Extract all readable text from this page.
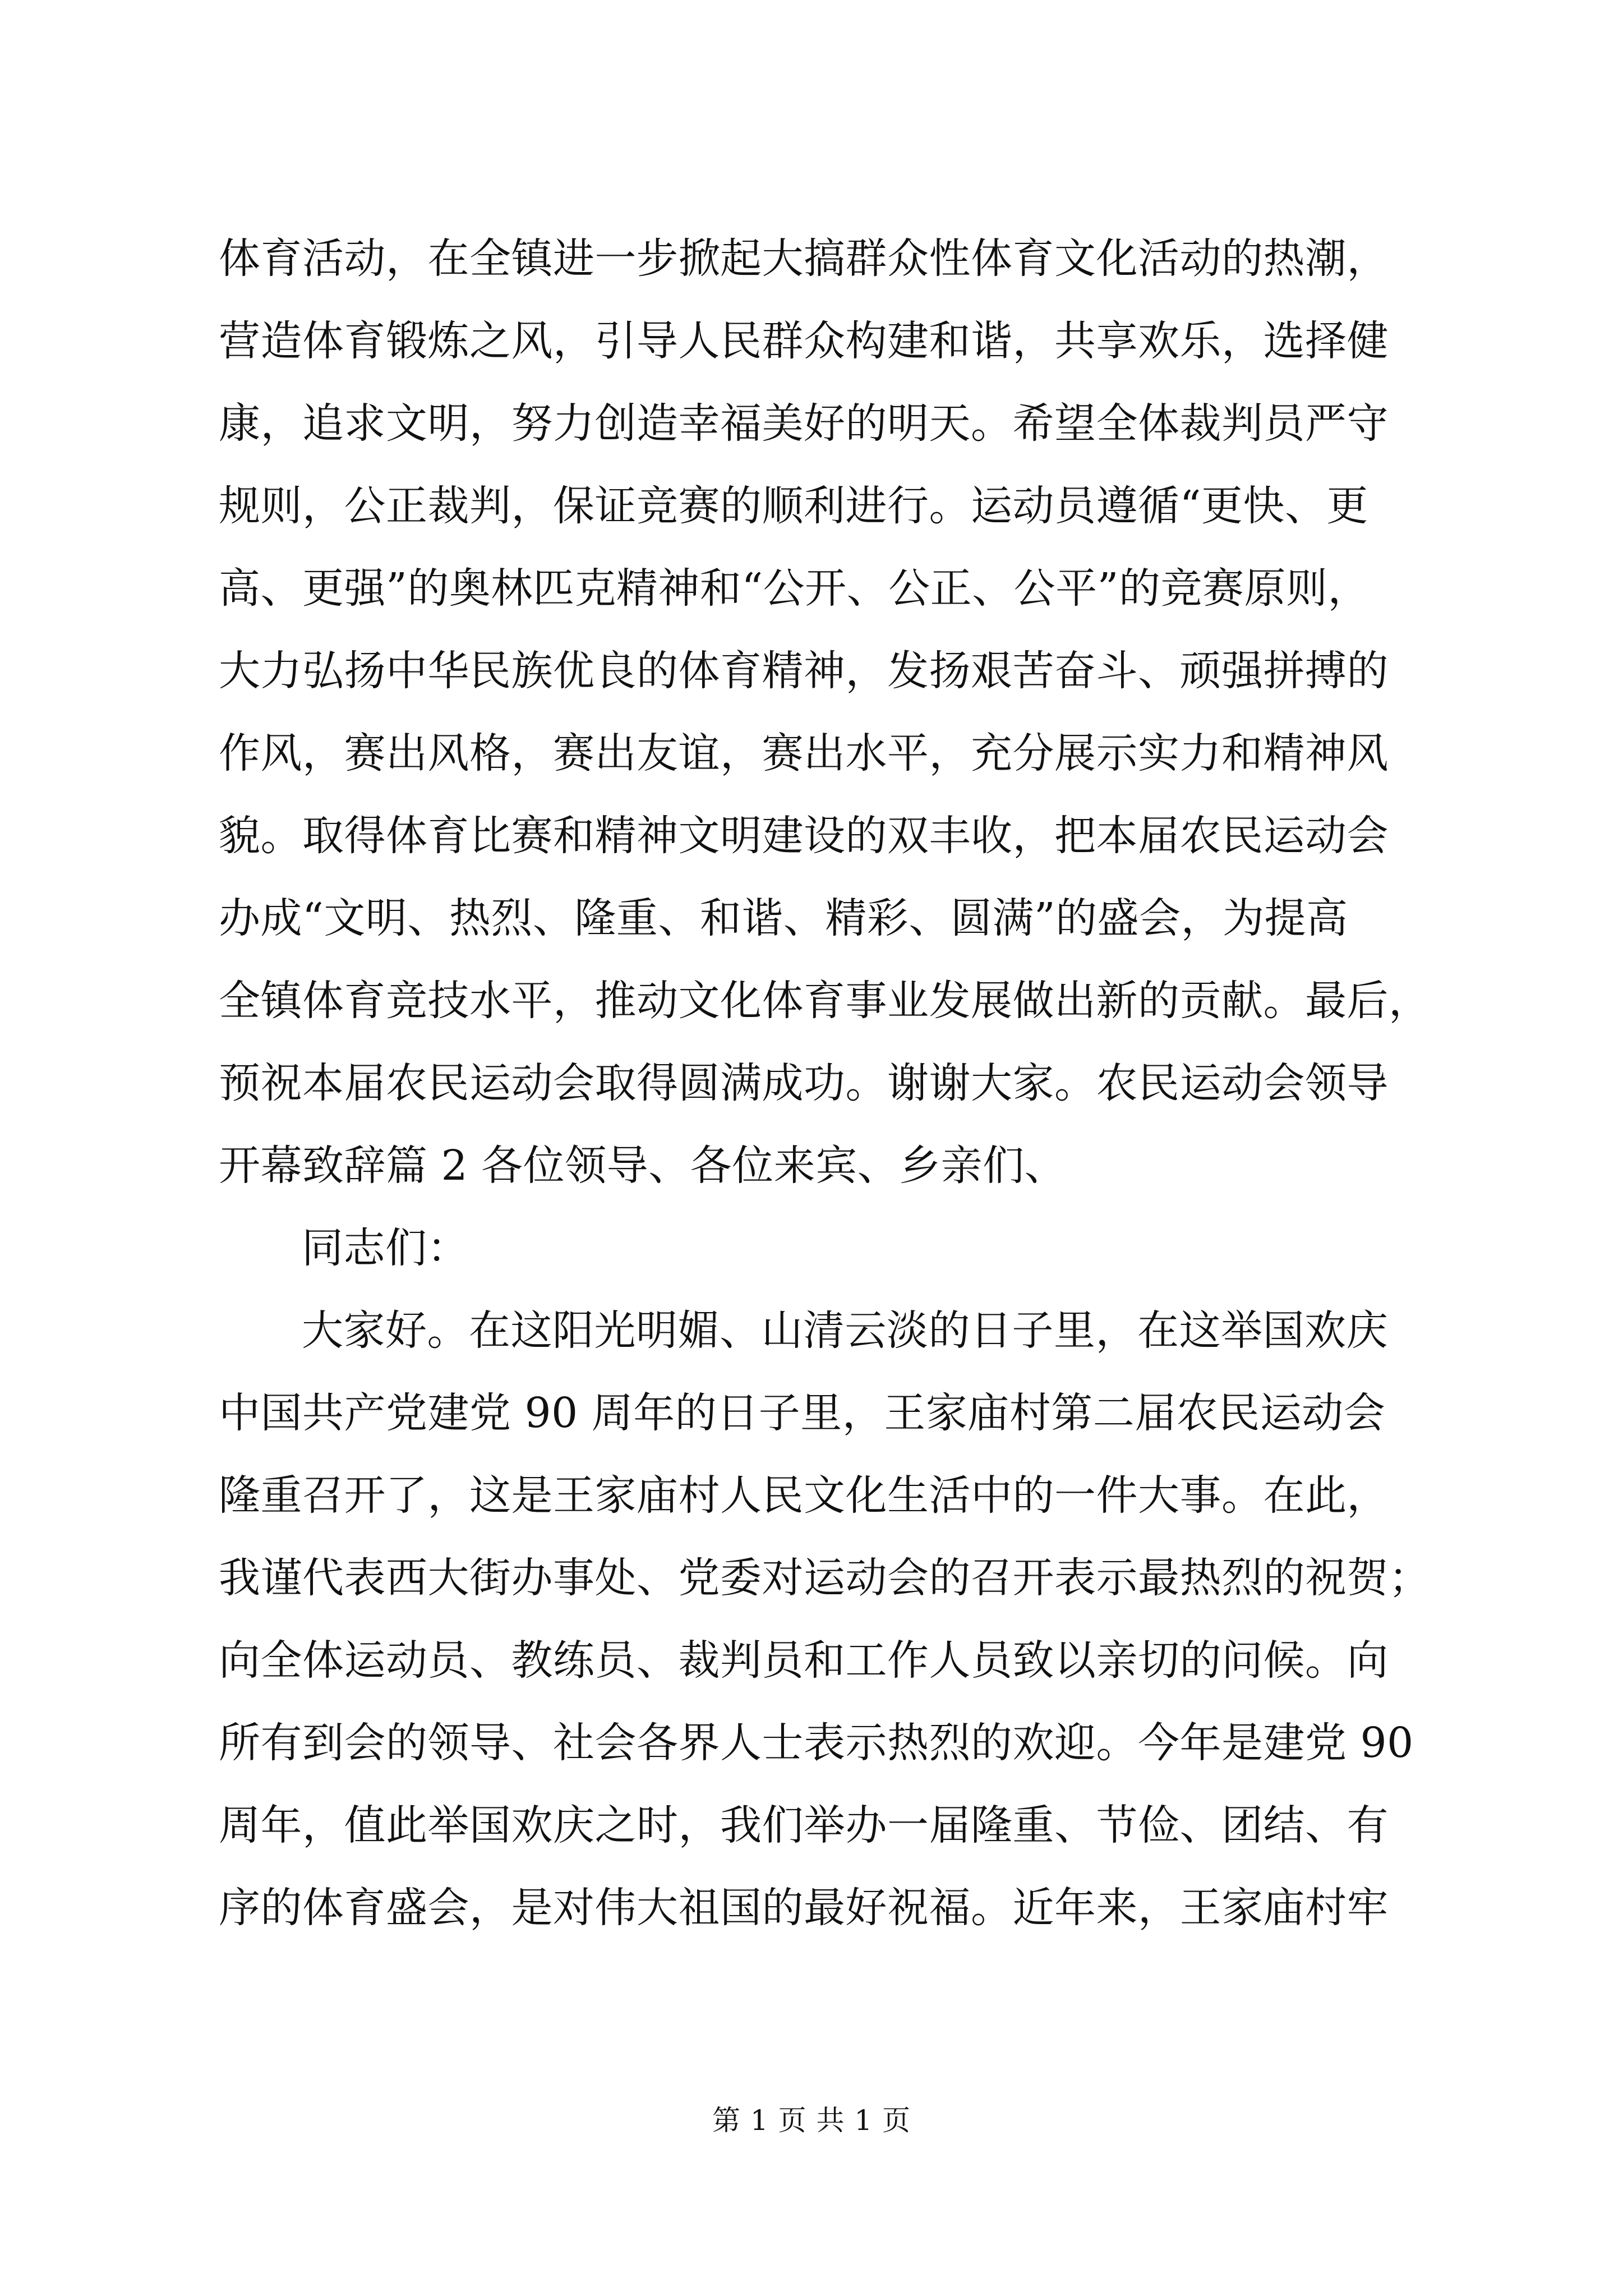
体育活动，在全镇进一步掀起大搞群众性体育文化活动的热潮，
营造体育锻炼之风，引导人民群众构建和谐，共享欢乐，选择健
康，追求文明，努力创造幸福美好的明天。希望全体裁判员严守
规则，公正裁判，保证竞赛的顺利进行。运动员遵循“更快、更
高、更强”的奥林匹克精神和“公开、公正、公平”的竞赛原则，
大力弘扬中华民族优良的体育精神，发扬艰苦奋斗、顽强拼搏的
作风，赛出风格，赛出友谊，赛出水平，充分展示实力和精神风
貌。取得体育比赛和精神文明建设的双丰收，把本届农民运动会
办成“文明、热烈、隆重、和谐、精彩、圆满”的盛会，为提高
全镇体育竞技水平，推动文化体育事业发展做出新的贡献。最后，
预祝本届农民运动会取得圆满成功。谢谢大家。农民运动会领导
开幕致辞篇 2 各位领导、各位来宾、乡亲们、
同志们：
大家好。在这阳光明媚、山清云淡的日子里，在这举国欢庆
中国共产党建党 90 周年的日子里，王家庙村第二届农民运动会
隆重召开了，这是王家庙村人民文化生活中的一件大事。在此，
我谨代表西大街办事处、党委对运动会的召开表示最热烈的祝贺；
向全体运动员、教练员、裁判员和工作人员致以亲切的问候。向
所有到会的领导、社会各界人士表示热烈的欢迎。今年是建党 90
周年，值此举国欢庆之时，我们举办一届隆重、节俭、团结、有
序的体育盛会，是对伟大祖国的最好祝福。近年来，王家庙村牢
第 1 页 共 1 页
